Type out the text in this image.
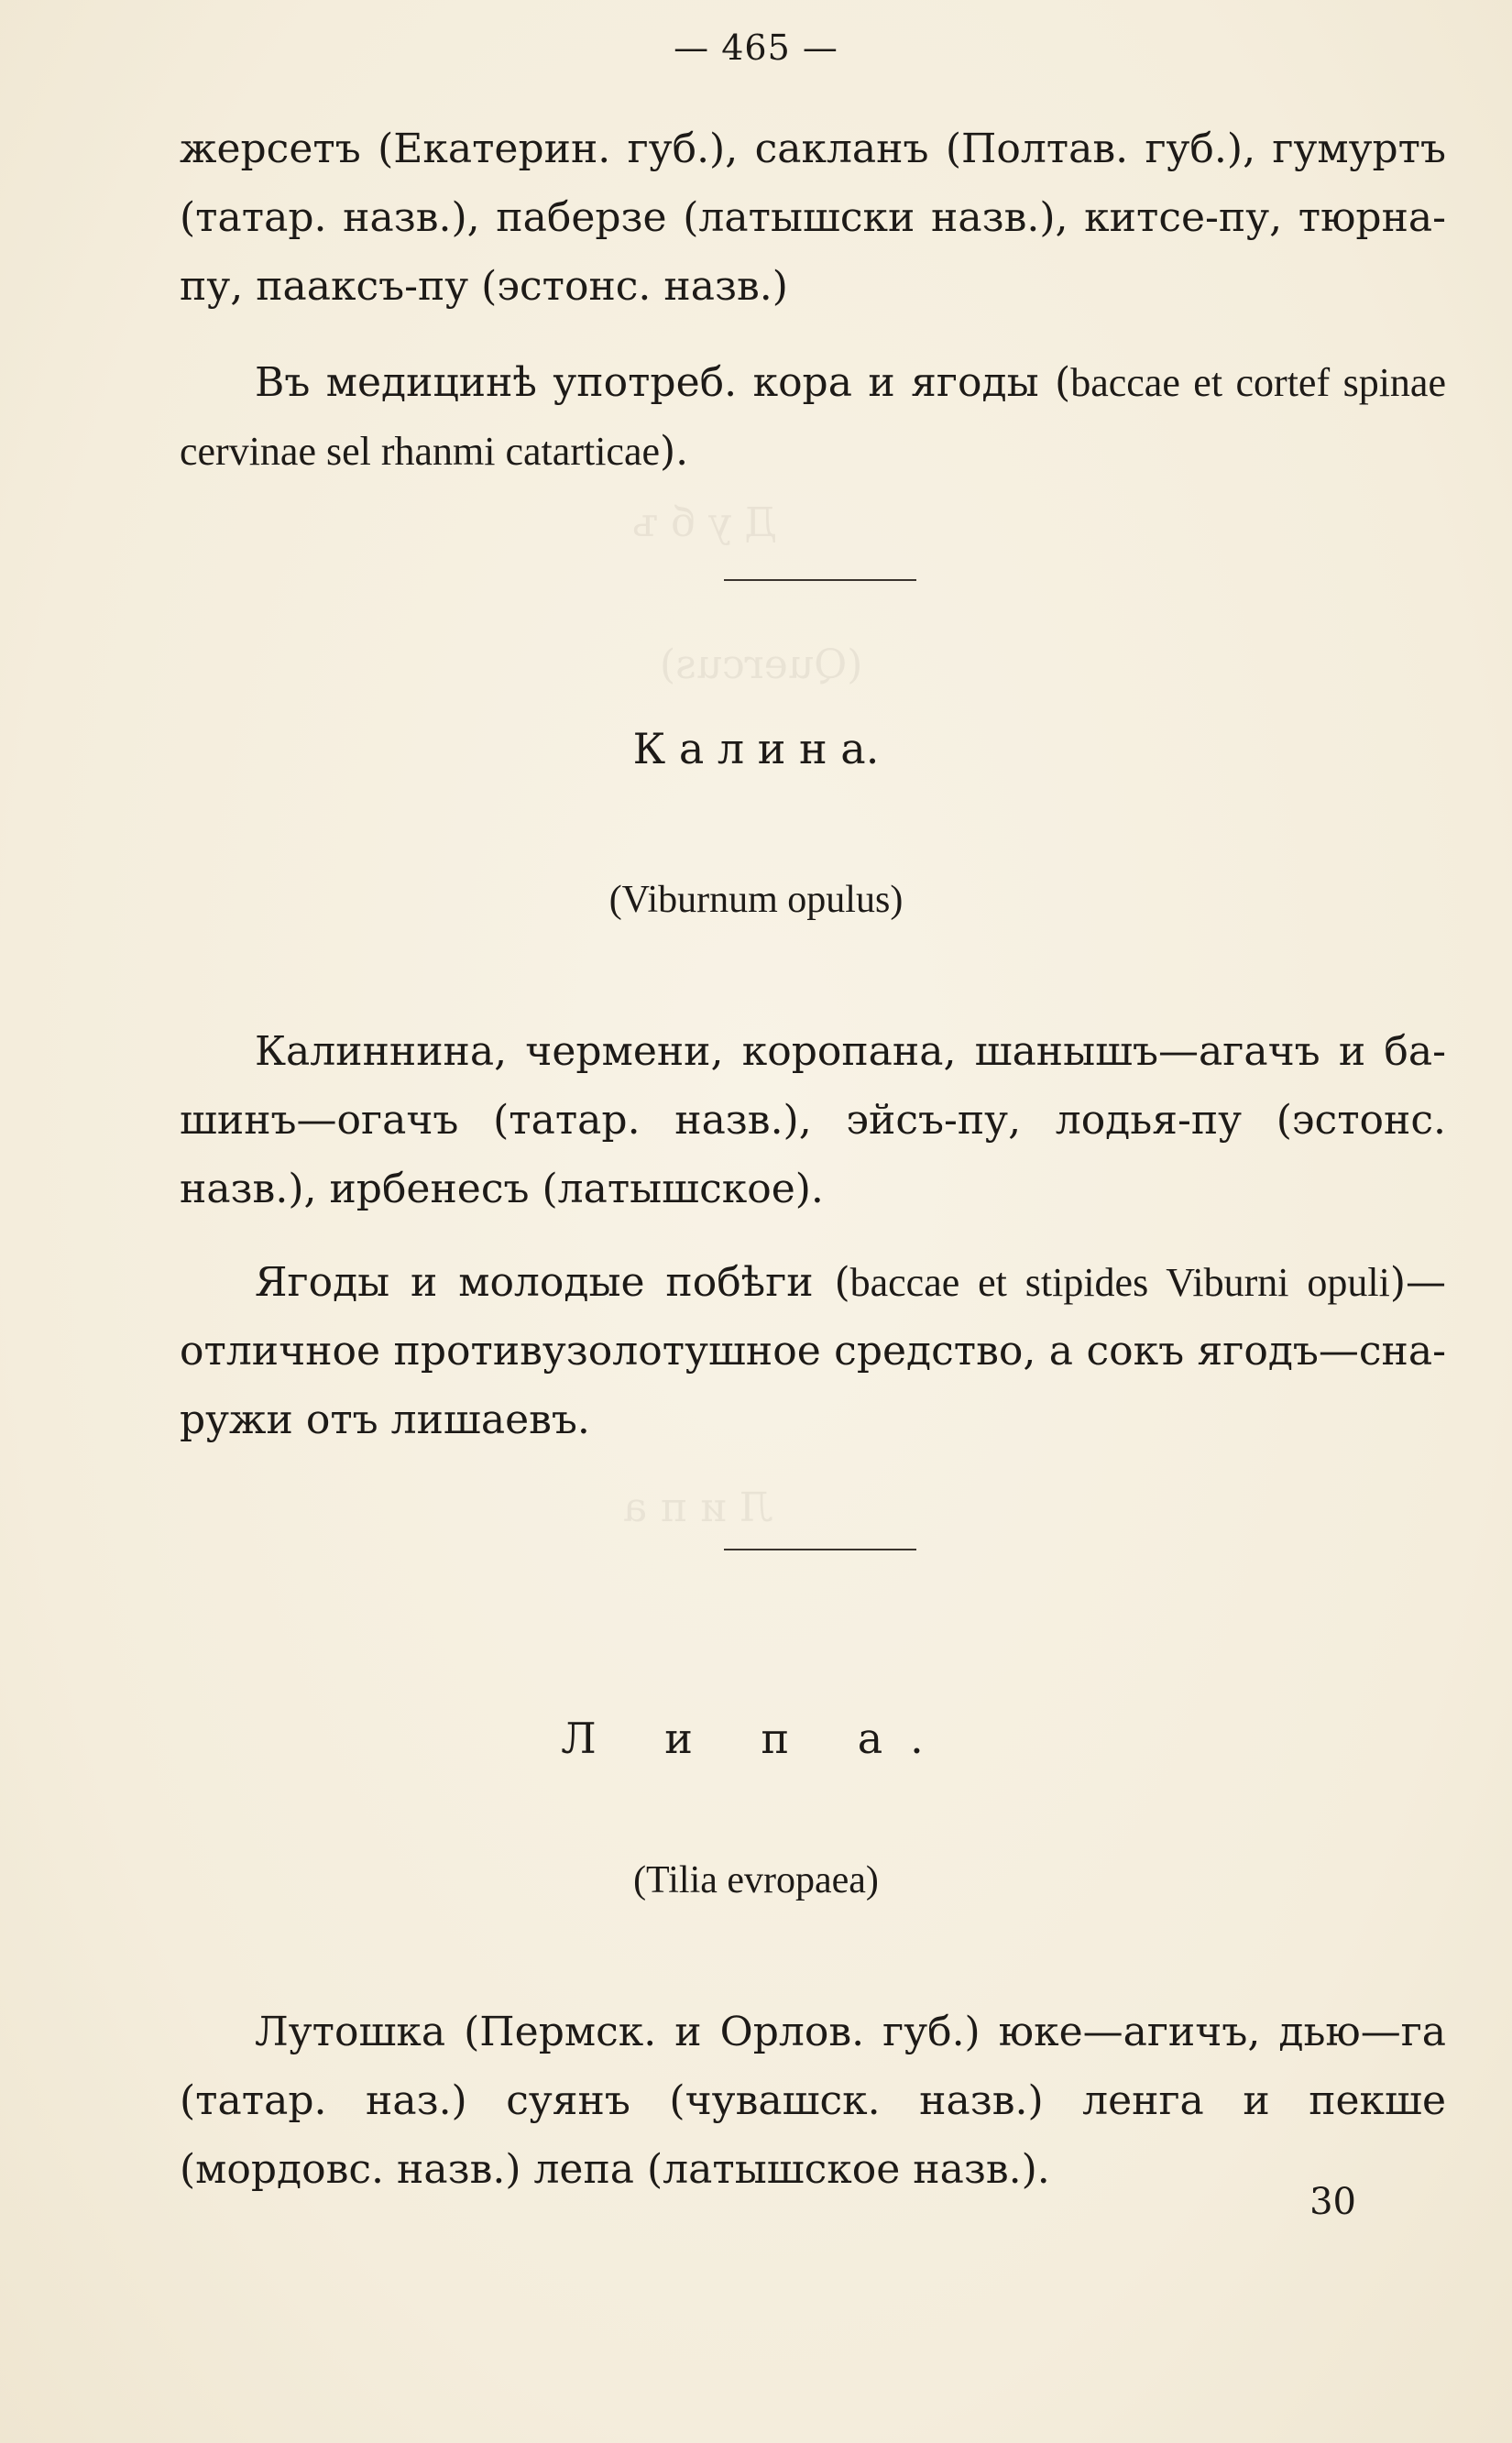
Д у б ъ
(Quercus)
Л и п а
— 465 —
жерсетъ (Екатерин. губ.), сакланъ (Полтав. губ.), гумуртъ (татар. назв.), паберзе (латышски назв.), китсе-пу, тюрна-пу, пааксъ-пу (эстонс. назв.)
Въ медицинѣ употреб. кора и ягоды (baccae et cortef spinae cervinae sel rhanmi catarticae).
К а л и н а.
(Viburnum opulus)
Калиннина, чермени, коропана, шанышъ—агачъ и ба-шинъ—огачъ (татар. назв.), эйсъ-пу, лодья-пу (эстонс. назв.), ирбенесъ (латышское).
Ягоды и молодые побѣги (baccae et stipides Viburni opuli)—отличное противузолотушное средство, а сокъ ягодъ—сна-ружи отъ лишаевъ.
Л и п а.
(Tilia evropaea)
Лутошка (Пермск. и Орлов. губ.) юке—агичъ, дью—га (татар. наз.) суянъ (чувашск. назв.) ленга и пекше (мордовс. назв.) лепа (латышское назв.).
30
